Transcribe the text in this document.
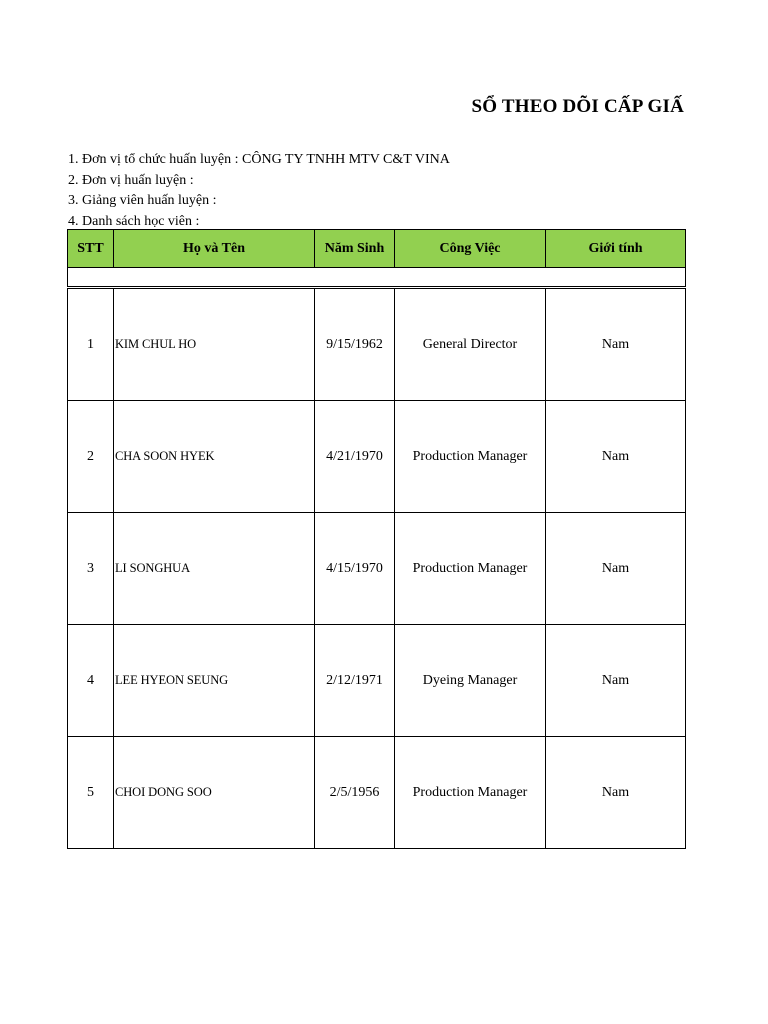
SỔ THEO DÕI CẤP GIẤ
1. Đơn vị tổ chức huấn luyện : CÔNG TY TNHH MTV C&T VINA
2. Đơn vị huấn luyện :
3. Giảng viên huấn luyện :
4. Danh sách học viên :
STT	Họ và Tên	Năm Sinh	Công Việc	Giới tính

1	KIM CHUL HO	9/15/1962	General Director	Nam
2	CHA SOON HYEK	4/21/1970	Production Manager	Nam
3	LI SONGHUA	4/15/1970	Production Manager	Nam
4	LEE HYEON SEUNG	2/12/1971	Dyeing Manager	Nam
5	CHOI DONG SOO	2/5/1956	Production Manager	Nam
